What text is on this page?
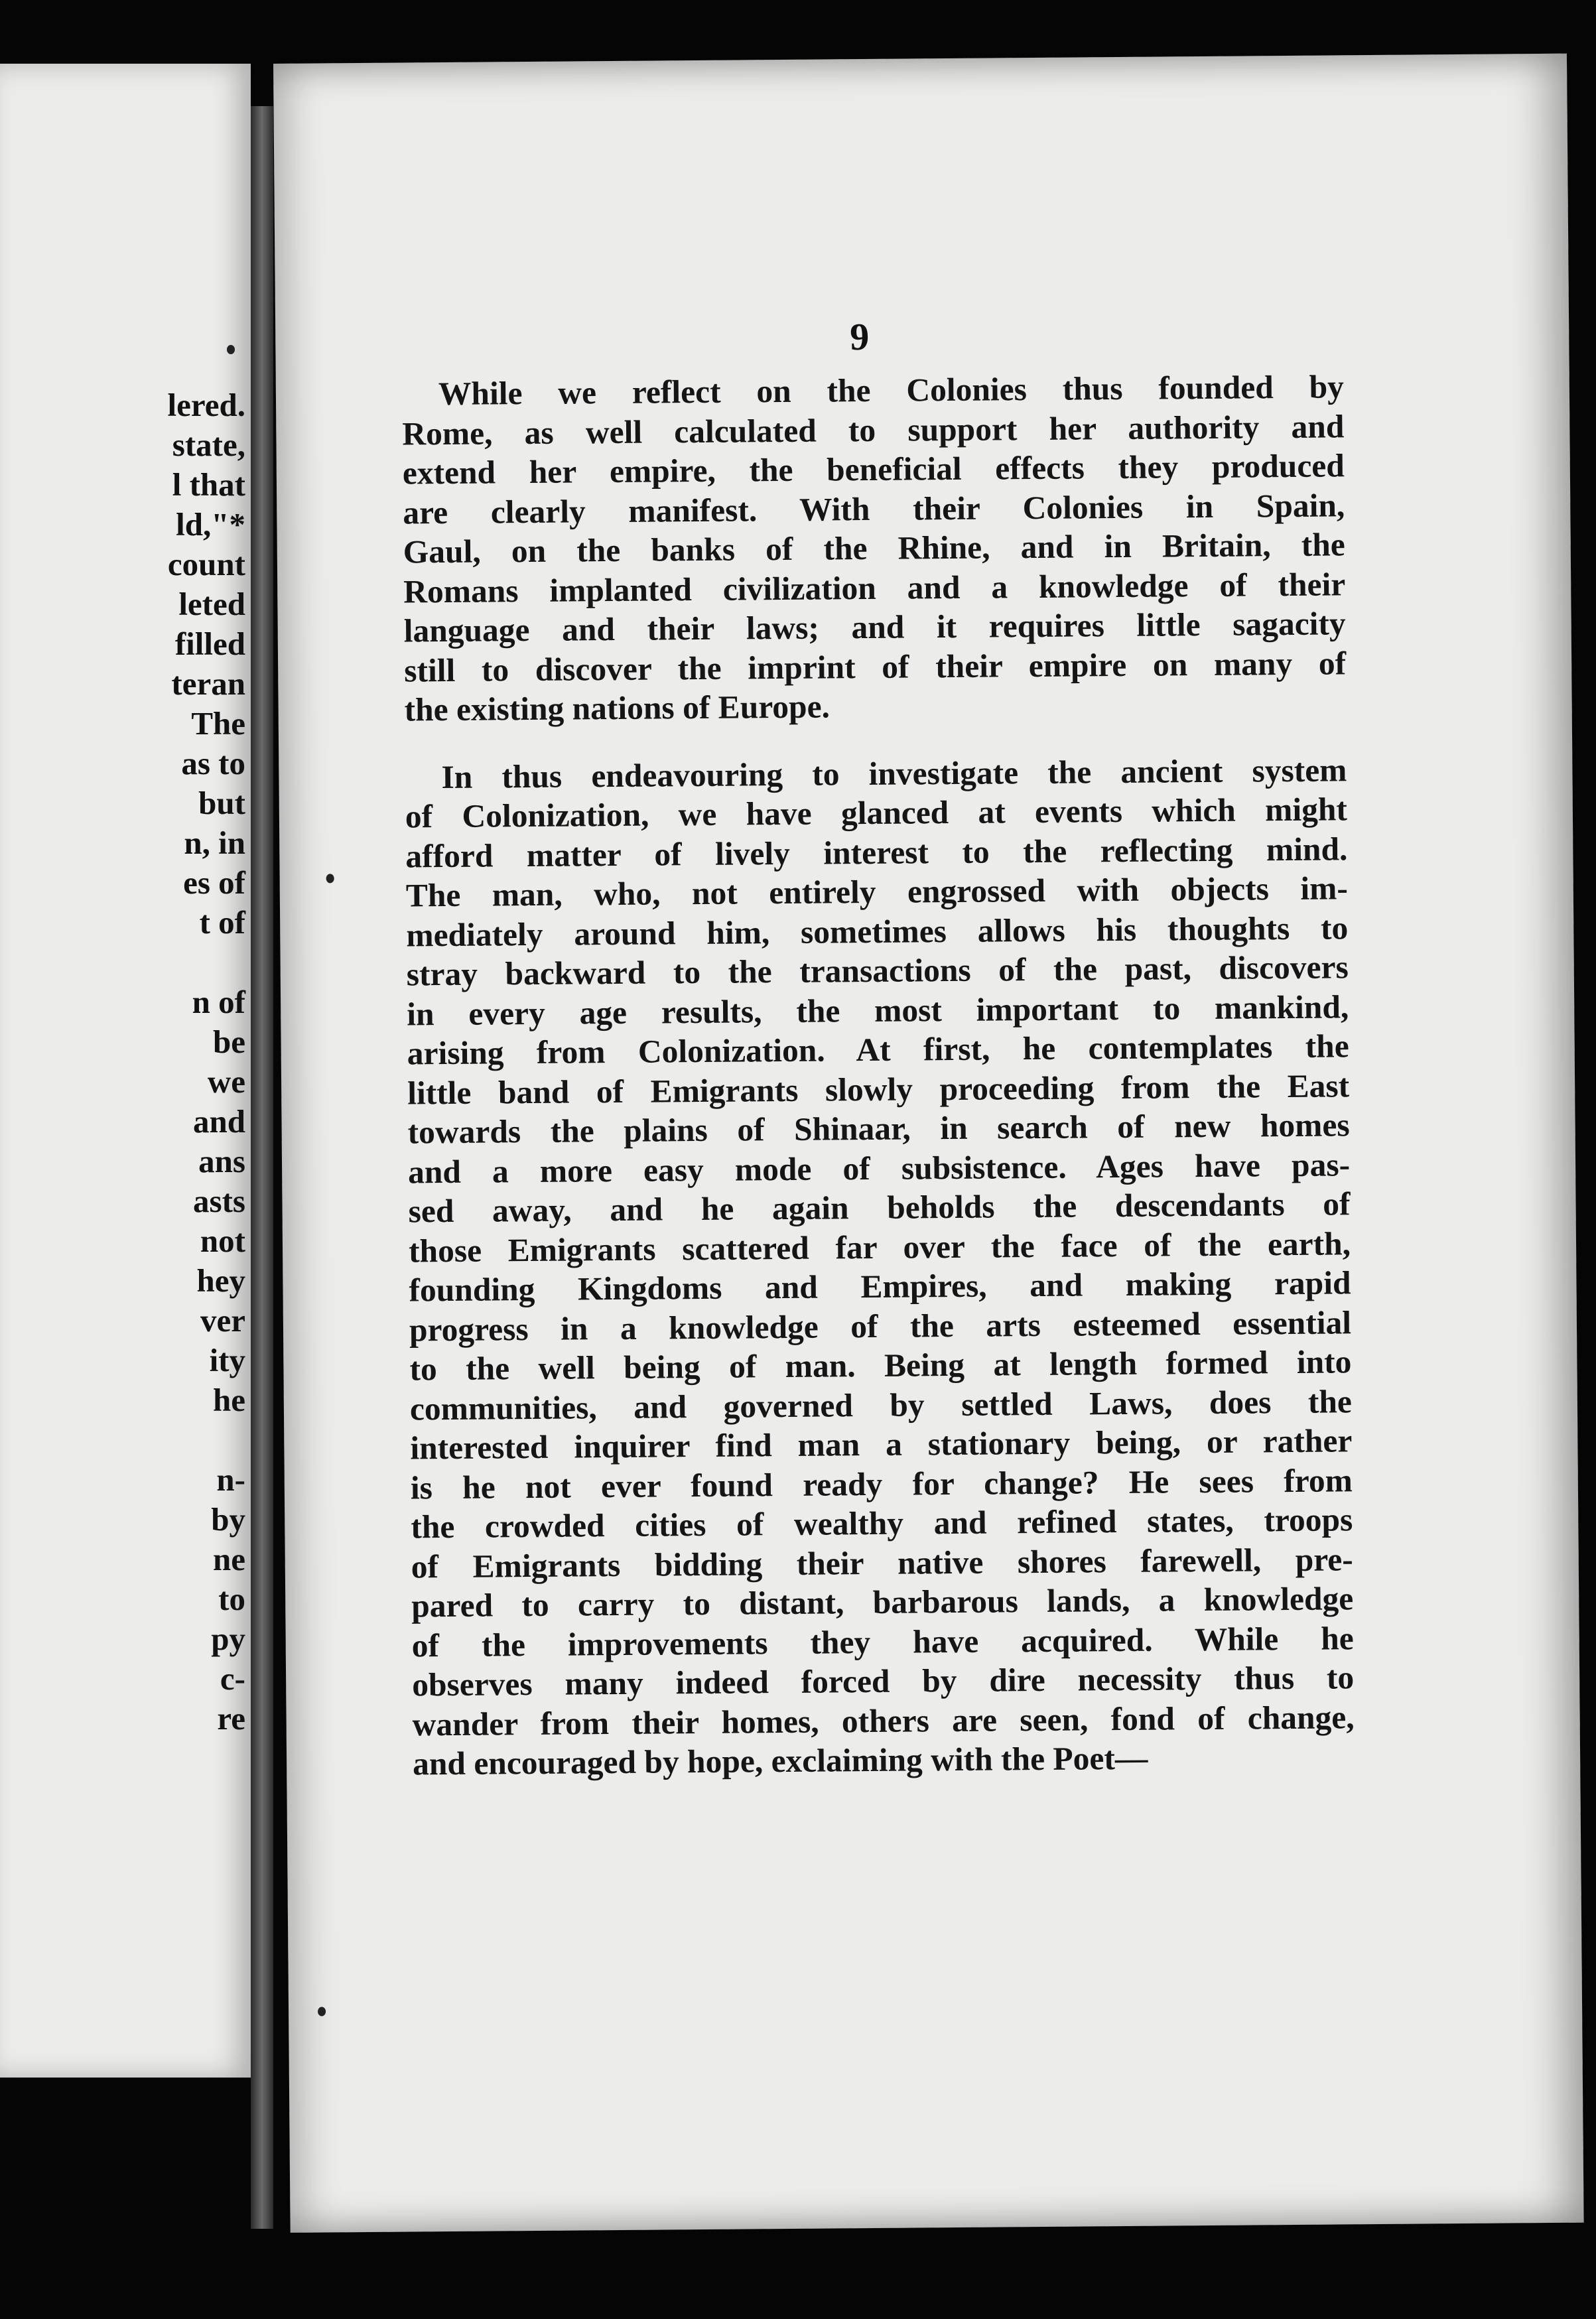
lered.
state,
l that
ld,"*
count
leted
filled
teran
The
as to
but
n, in
es of
t of
n of
be
we
and
ans
asts
not
hey
ver
ity
he
n-
by
ne
to
py
c-
re

9

While we reflect on the Colonies thus founded by
Rome, as well calculated to support her authority and
extend her empire, the beneficial effects they produced
are clearly manifest. With their Colonies in Spain,
Gaul, on the banks of the Rhine, and in Britain, the
Romans implanted civilization and a knowledge of their
language and their laws; and it requires little sagacity
still to discover the imprint of their empire on many of
the existing nations of Europe.
In thus endeavouring to investigate the ancient system
of Colonization, we have glanced at events which might
afford matter of lively interest to the reflecting mind.
The man, who, not entirely engrossed with objects im-
mediately around him, sometimes allows his thoughts to
stray backward to the transactions of the past, discovers
in every age results, the most important to mankind,
arising from Colonization. At first, he contemplates the
little band of Emigrants slowly proceeding from the East
towards the plains of Shinaar, in search of new homes
and a more easy mode of subsistence. Ages have pas-
sed away, and he again beholds the descendants of
those Emigrants scattered far over the face of the earth,
founding Kingdoms and Empires, and making rapid
progress in a knowledge of the arts esteemed essential
to the well being of man. Being at length formed into
communities, and governed by settled Laws, does the
interested inquirer find man a stationary being, or rather
is he not ever found ready for change? He sees from
the crowded cities of wealthy and refined states, troops
of Emigrants bidding their native shores farewell, pre-
pared to carry to distant, barbarous lands, a knowledge
of the improvements they have acquired. While he
observes many indeed forced by dire necessity thus to
wander from their homes, others are seen, fond of change,
and encouraged by hope, exclaiming with the Poet—
